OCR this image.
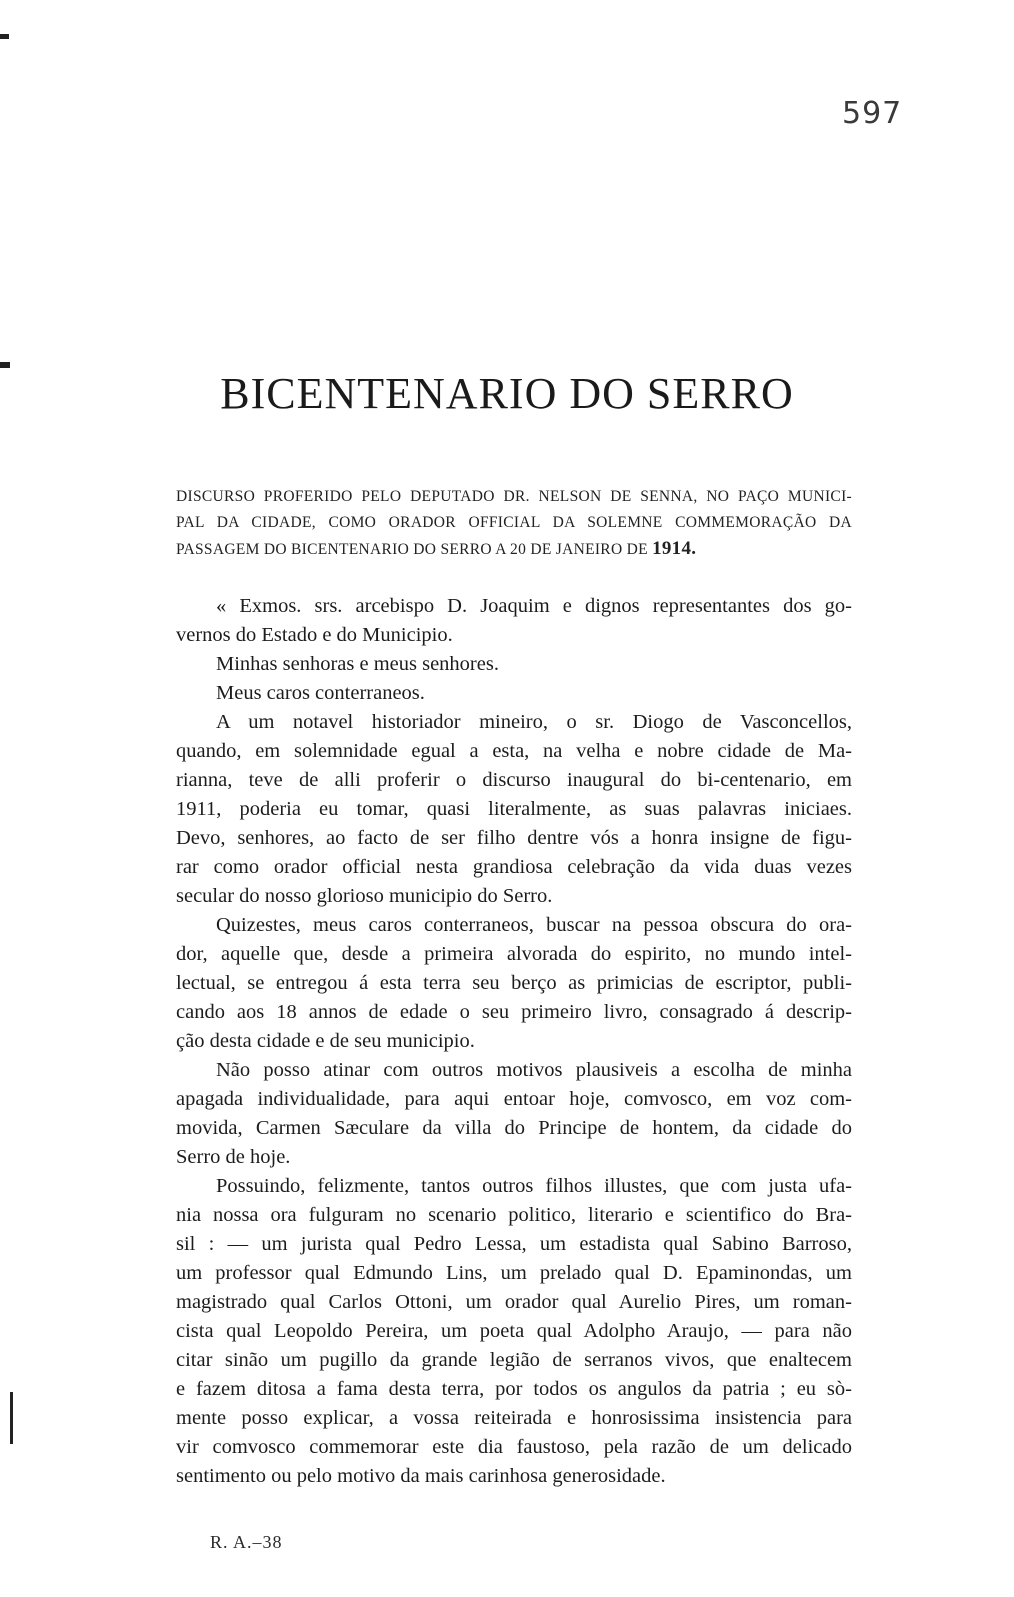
597
BICENTENARIO DO SERRO
DISCURSO PROFERIDO PELO DEPUTADO DR. NELSON DE SENNA, NO PAÇO MUNICI-
PAL DA CIDADE, COMO ORADOR OFFICIAL DA SOLEMNE COMMEMORAÇÃO DA
PASSAGEM DO BICENTENARIO DO SERRO A 20 DE JANEIRO DE 1914.
« Exmos. srs. arcebispo D. Joaquim e dignos representantes dos go-
vernos do Estado e do Municipio.
Minhas senhoras e meus senhores.
Meus caros conterraneos.
A um notavel historiador mineiro, o sr. Diogo de Vasconcellos,
quando, em solemnidade egual a esta, na velha e nobre cidade de Ma-
rianna, teve de alli proferir o discurso inaugural do bi-centenario, em
1911, poderia eu tomar, quasi literalmente, as suas palavras iniciaes.
Devo, senhores, ao facto de ser filho dentre vós a honra insigne de figu-
rar como orador official nesta grandiosa celebração da vida duas vezes
secular do nosso glorioso municipio do Serro.
Quizestes, meus caros conterraneos, buscar na pessoa obscura do ora-
dor, aquelle que, desde a primeira alvorada do espirito, no mundo intel-
lectual, se entregou á esta terra seu berço as primicias de escriptor, publi-
cando aos 18 annos de edade o seu primeiro livro, consagrado á descrip-
ção desta cidade e de seu municipio.
Não posso atinar com outros motivos plausiveis a escolha de minha
apagada individualidade, para aqui entoar hoje, comvosco, em voz com-
movida, Carmen Sæculare da villa do Principe de hontem, da cidade do
Serro de hoje.
Possuindo, felizmente, tantos outros filhos illustes, que com justa ufa-
nia nossa ora fulguram no scenario politico, literario e scientifico do Bra-
sil : — um jurista qual Pedro Lessa, um estadista qual Sabino Barroso,
um professor qual Edmundo Lins, um prelado qual D. Epaminondas, um
magistrado qual Carlos Ottoni, um orador qual Aurelio Pires, um roman-
cista qual Leopoldo Pereira, um poeta qual Adolpho Araujo, — para não
citar sinão um pugillo da grande legião de serranos vivos, que enaltecem
e fazem ditosa a fama desta terra, por todos os angulos da patria ; eu sò-
mente posso explicar, a vossa reiteirada e honrosissima insistencia para
vir comvosco commemorar este dia faustoso, pela razão de um delicado
sentimento ou pelo motivo da mais carinhosa generosidade.
R. A.–38
